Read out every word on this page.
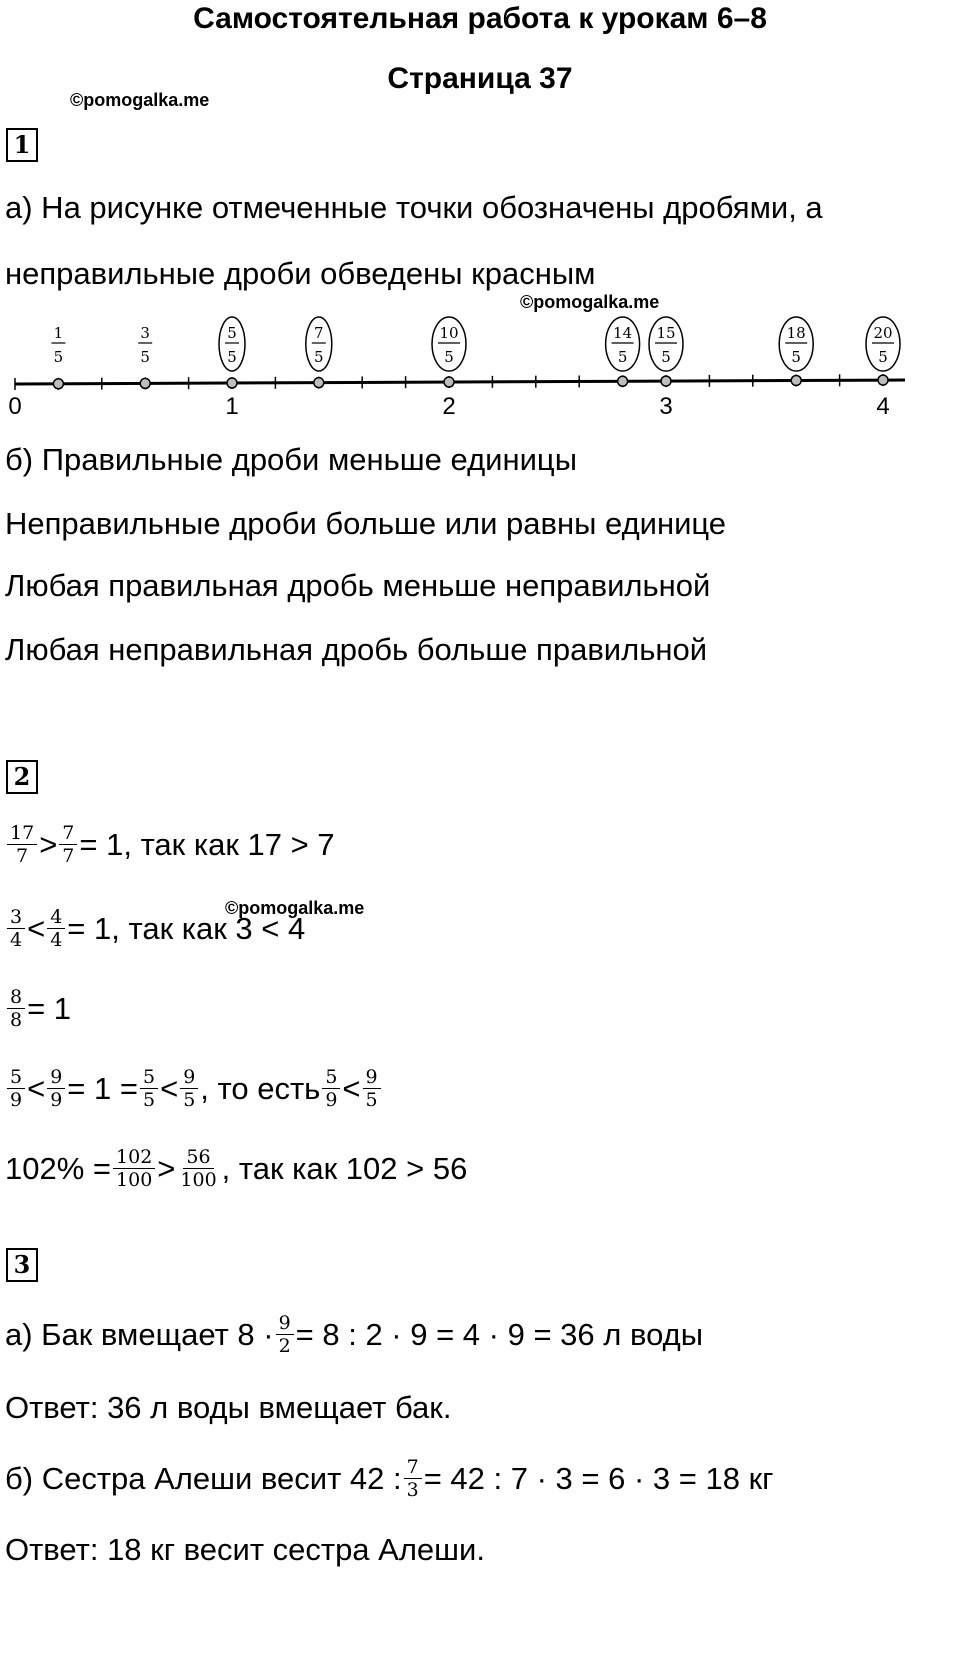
Самостоятельная работа к урокам 6–8
Страница 37
©pomogalka.me
1
а) На рисунке отмеченные точки обозначены дробями, а
неправильные дроби обведены красным
©pomogalka.me
0	1	2	3	4
1
5
3
5
5
5
7
5
10
5
14
5
15
5
18
5
20
5
б) Правильные дроби меньше единицы
Неправильные дроби больше или равны единице
Любая правильная дробь меньше неправильной
Любая неправильная дробь больше правильной
2
$\frac{17}{7} > \frac{7}{7} = 1$, так как 17 > 7
©pomogalka.me
$\frac{3}{4} < \frac{4}{4} = 1$, так как 3 < 4
$\frac{8}{8} = 1$
$\frac{5}{9} < \frac{9}{9} = 1 = \frac{5}{5} < \frac{9}{5}$ , то есть $\frac{5}{9} < \frac{9}{5}$
$102\% = \frac{102}{100} > \frac{56}{100}$ , так как 102 > 56
3
а) Бак вмещает $8 \cdot \frac{9}{2} = 8$ : 2 · 9 = 4 · 9 = 36 л воды
Ответ: 36 л воды вмещает бак.
б) Сестра Алеши весит 42 : $\frac{7}{3} = 42$ : 7 · 3 = 6 · 3 = 18 кг
Ответ: 18 кг весит сестра Алеши.
